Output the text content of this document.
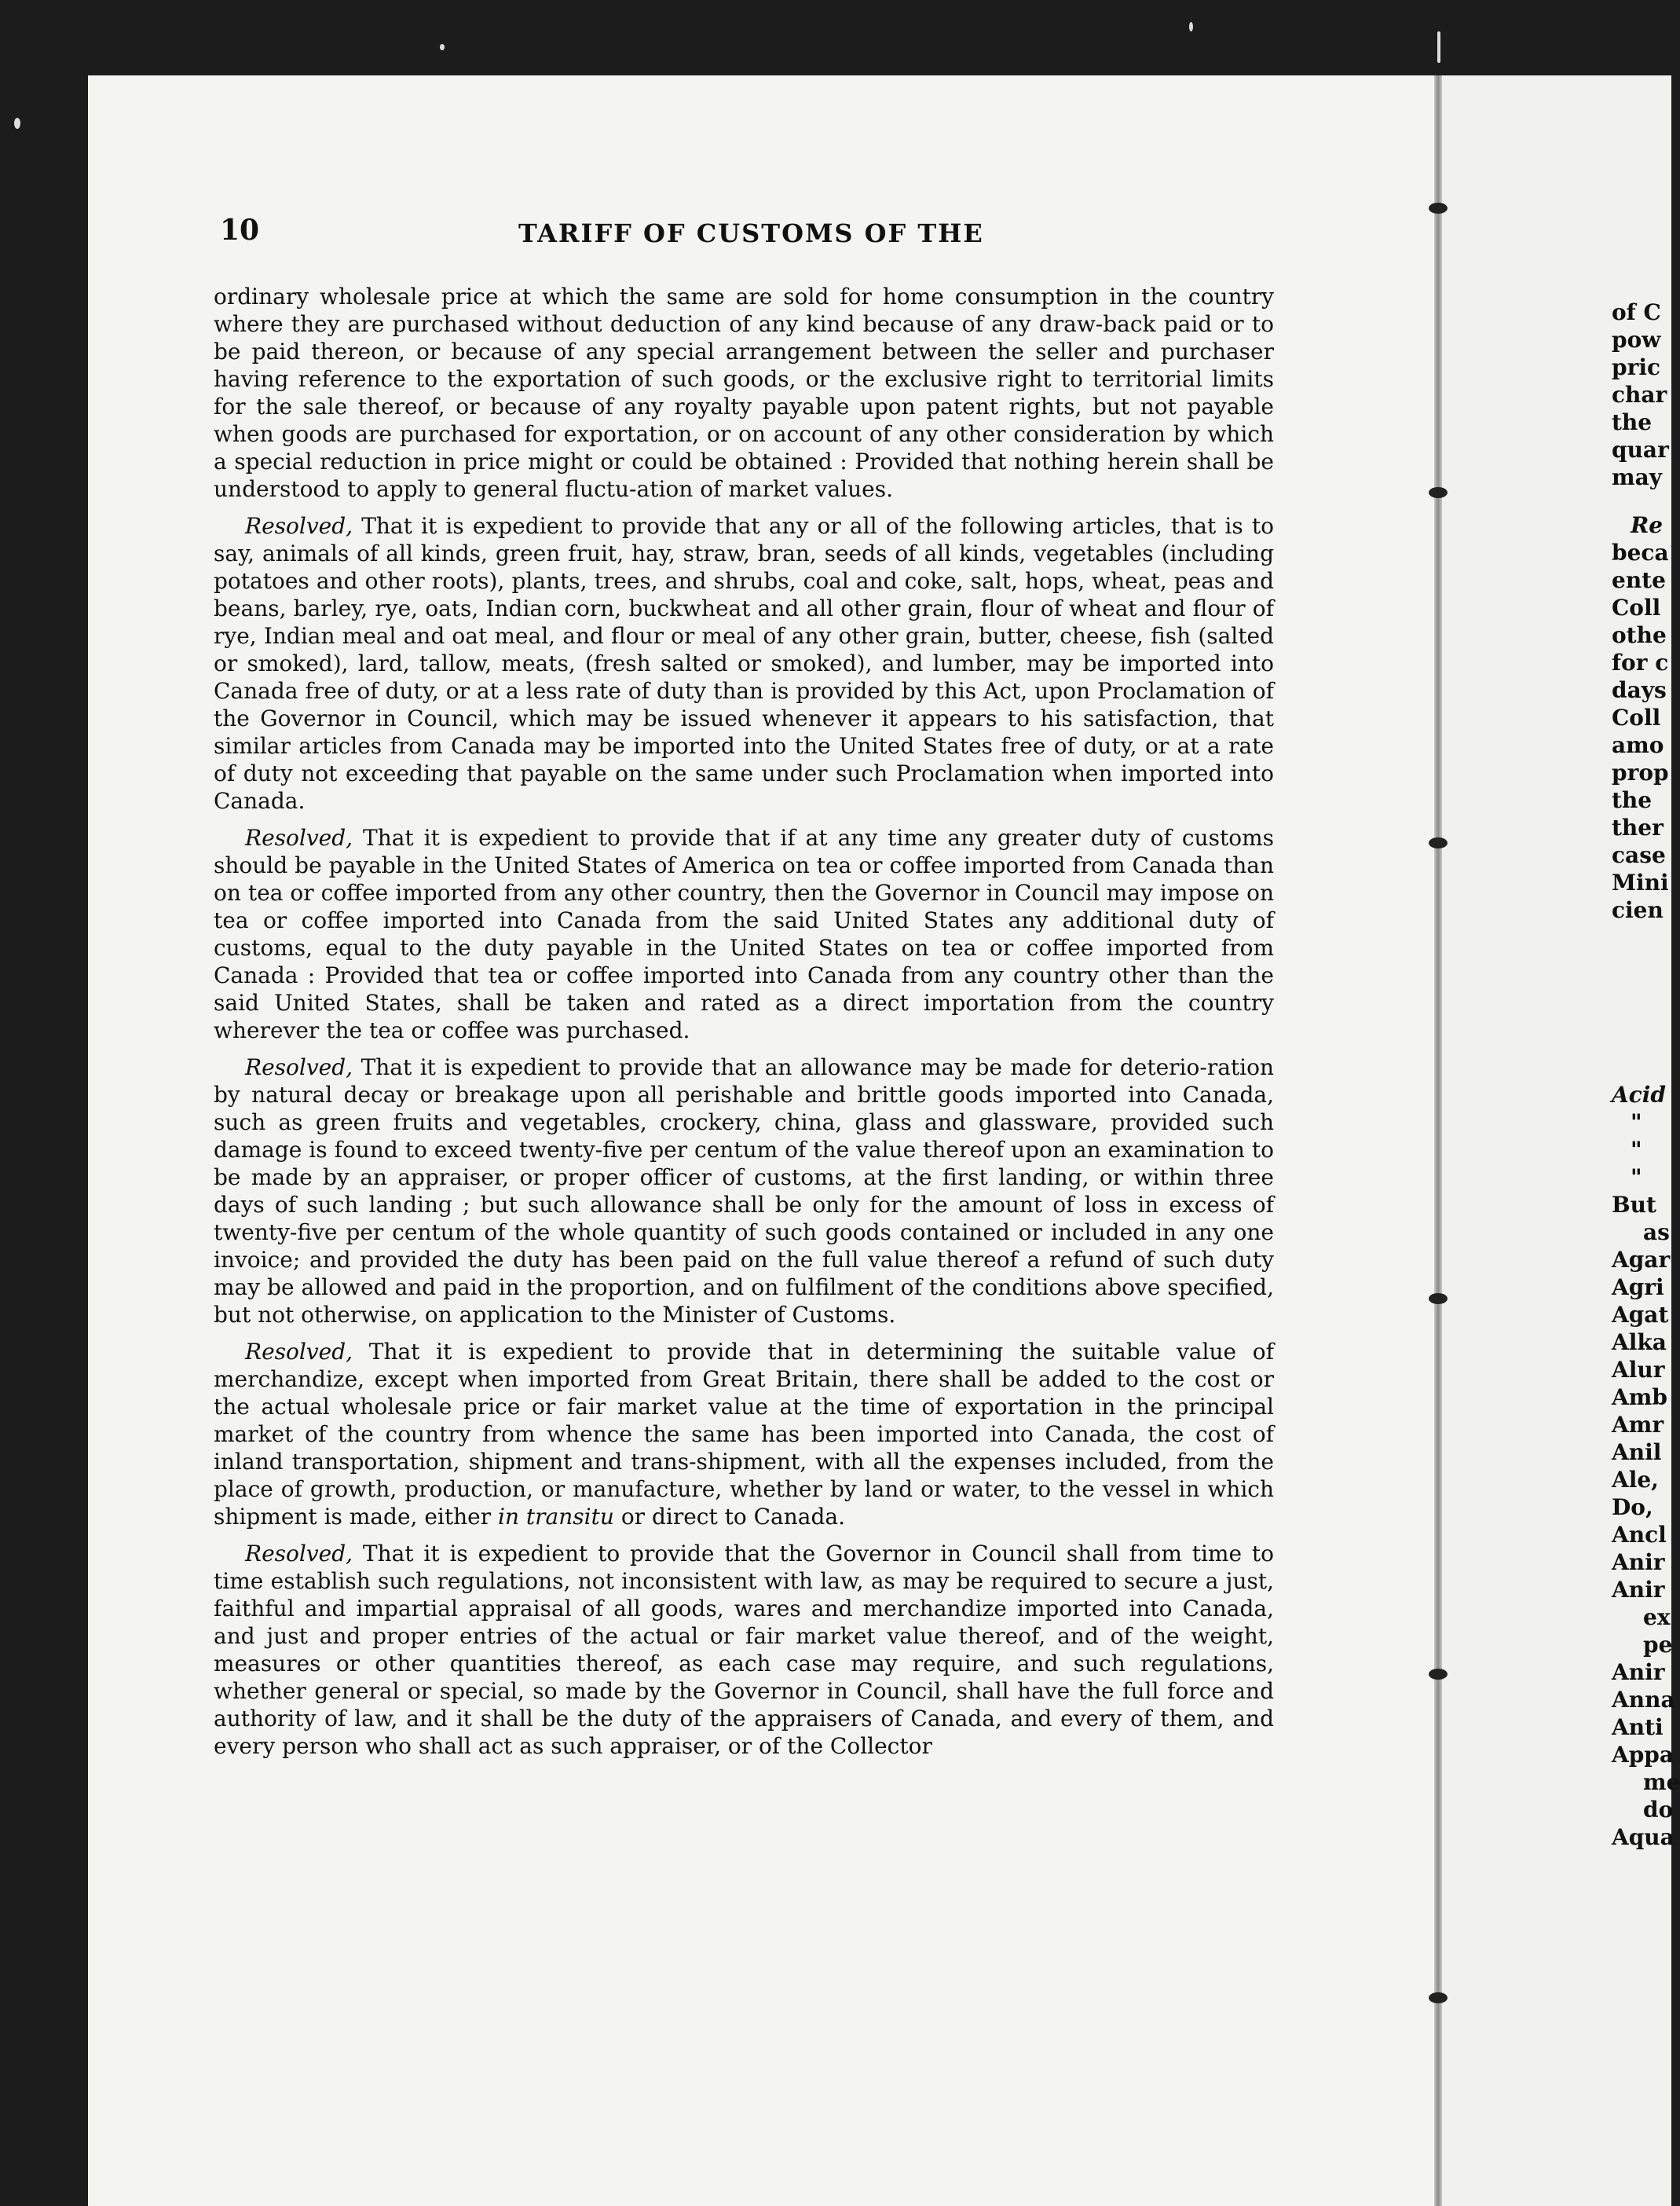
10	TARIFF OF CUSTOMS OF THE

ordinary wholesale price at which the same are sold for home consumption in the country where they are purchased without deduction of any kind because of any draw-back paid or to be paid thereon, or because of any special arrangement between the seller and purchaser having reference to the exportation of such goods, or the exclusive right to territorial limits for the sale thereof, or because of any royalty payable upon patent rights, but not payable when goods are purchased for exportation, or on account of any other consideration by which a special reduction in price might or could be obtained : Provided that nothing herein shall be understood to apply to general fluctu-ation of market values.

Resolved, That it is expedient to provide that any or all of the following articles, that is to say, animals of all kinds, green fruit, hay, straw, bran, seeds of all kinds, vegetables (including potatoes and other roots), plants, trees, and shrubs, coal and coke, salt, hops, wheat, peas and beans, barley, rye, oats, Indian corn, buckwheat and all other grain, flour of wheat and flour of rye, Indian meal and oat meal, and flour or meal of any other grain, butter, cheese, fish (salted or smoked), lard, tallow, meats, (fresh salted or smoked), and lumber, may be imported into Canada free of duty, or at a less rate of duty than is provided by this Act, upon Proclamation of the Governor in Council, which may be issued whenever it appears to his satisfaction, that similar articles from Canada may be imported into the United States free of duty, or at a rate of duty not exceeding that payable on the same under such Proclamation when imported into Canada.

Resolved, That it is expedient to provide that if at any time any greater duty of customs should be payable in the United States of America on tea or coffee imported from Canada than on tea or coffee imported from any other country, then the Governor in Council may impose on tea or coffee imported into Canada from the said United States any additional duty of customs, equal to the duty payable in the United States on tea or coffee imported from Canada : Provided that tea or coffee imported into Canada from any country other than the said United States, shall be taken and rated as a direct importation from the country wherever the tea or coffee was purchased.

Resolved, That it is expedient to provide that an allowance may be made for deterio-ration by natural decay or breakage upon all perishable and brittle goods imported into Canada, such as green fruits and vegetables, crockery, china, glass and glassware, provided such damage is found to exceed twenty-five per centum of the value thereof upon an examination to be made by an appraiser, or proper officer of customs, at the first landing, or within three days of such landing ; but such allowance shall be only for the amount of loss in excess of twenty-five per centum of the whole quantity of such goods contained or included in any one invoice; and provided the duty has been paid on the full value thereof a refund of such duty may be allowed and paid in the proportion, and on fulfilment of the conditions above specified, but not otherwise, on application to the Minister of Customs.

Resolved, That it is expedient to provide that in determining the suitable value of merchandize, except when imported from Great Britain, there shall be added to the cost or the actual wholesale price or fair market value at the time of exportation in the principal market of the country from whence the same has been imported into Canada, the cost of inland transportation, shipment and trans-shipment, with all the expenses included, from the place of growth, production, or manufacture, whether by land or water, to the vessel in which shipment is made, either in transitu or direct to Canada.

Resolved, That it is expedient to provide that the Governor in Council shall from time to time establish such regulations, not inconsistent with law, as may be required to secure a just, faithful and impartial appraisal of all goods, wares and merchandize imported into Canada, and just and proper entries of the actual or fair market value thereof, and of the weight, measures or other quantities thereof, as each case may require, and such regulations, whether general or special, so made by the Governor in Council, shall have the full force and authority of law, and it shall be the duty of the appraisers of Canada, and every of them, and every person who shall act as such appraiser, or of the Collector

of C
pow
pric
char
the
quar
may
Re
beca
ente
Coll
othe
for c
days
Coll
amo
prop
the
ther
case
Mini
cien
Acid
"
"
"
But
as
Agar
Agri
Agat
Alka
Alur
Amb
Amr
Anil
Ale,
Do,
Ancl
Anir
Anir
ex
pe
Anir
Anna
Anti
Appa
me
do
Aqua
